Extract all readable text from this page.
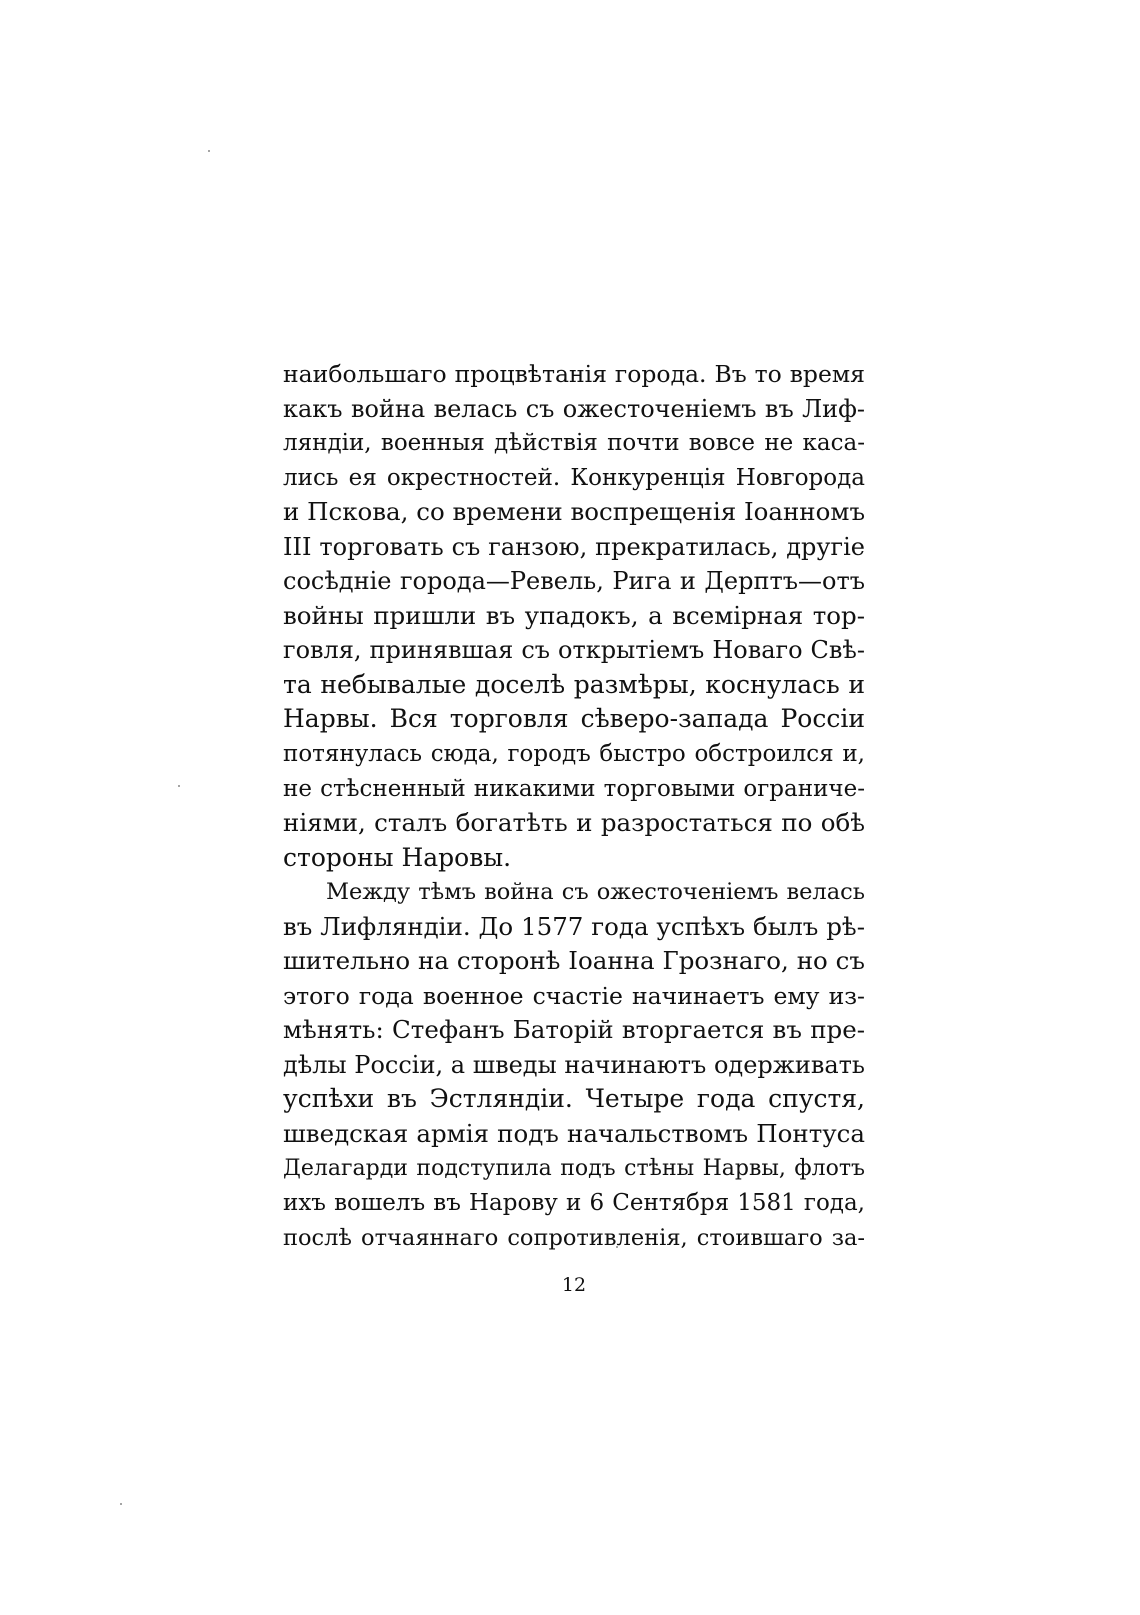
наибольшаго процвѣтанія города. Въ то время
какъ война велась съ ожесточеніемъ въ Лиф-
ляндіи, военныя дѣйствія почти вовсе не каса-
лись ея окрестностей. Конкуренція Новгорода
и Пскова, со времени воспрещенія Іоанномъ
III торговать съ ганзою, прекратилась, другіе
сосѣдніе города—Ревель, Рига и Дерптъ—отъ
войны пришли въ упадокъ, а всемірная тор-
говля, принявшая съ открытіемъ Новаго Свѣ-
та небывалые доселѣ размѣры, коснулась и
Нарвы. Вся торговля сѣверо-запада Россіи
потянулась сюда, городъ быстро обстроился и,
не стѣсненный никакими торговыми ограниче-
ніями, сталъ богатѣть и разростаться по обѣ
стороны Наровы.
Между тѣмъ война съ ожесточеніемъ велась
въ Лифляндіи. До 1577 года успѣхъ былъ рѣ-
шительно на сторонѣ Іоанна Грознаго, но съ
этого года военное счастіе начинаетъ ему из-
мѣнять: Стефанъ Баторій вторгается въ пре-
дѣлы Россіи, а шведы начинаютъ одерживать
успѣхи въ Эстляндіи. Четыре года спустя,
шведская армія подъ начальствомъ Понтуса
Делагарди подступила подъ стѣны Нарвы, флотъ
ихъ вошелъ въ Нарову и 6 Сентября 1581 года,
послѣ отчаяннаго сопротивленія, стоившаго за-
12
